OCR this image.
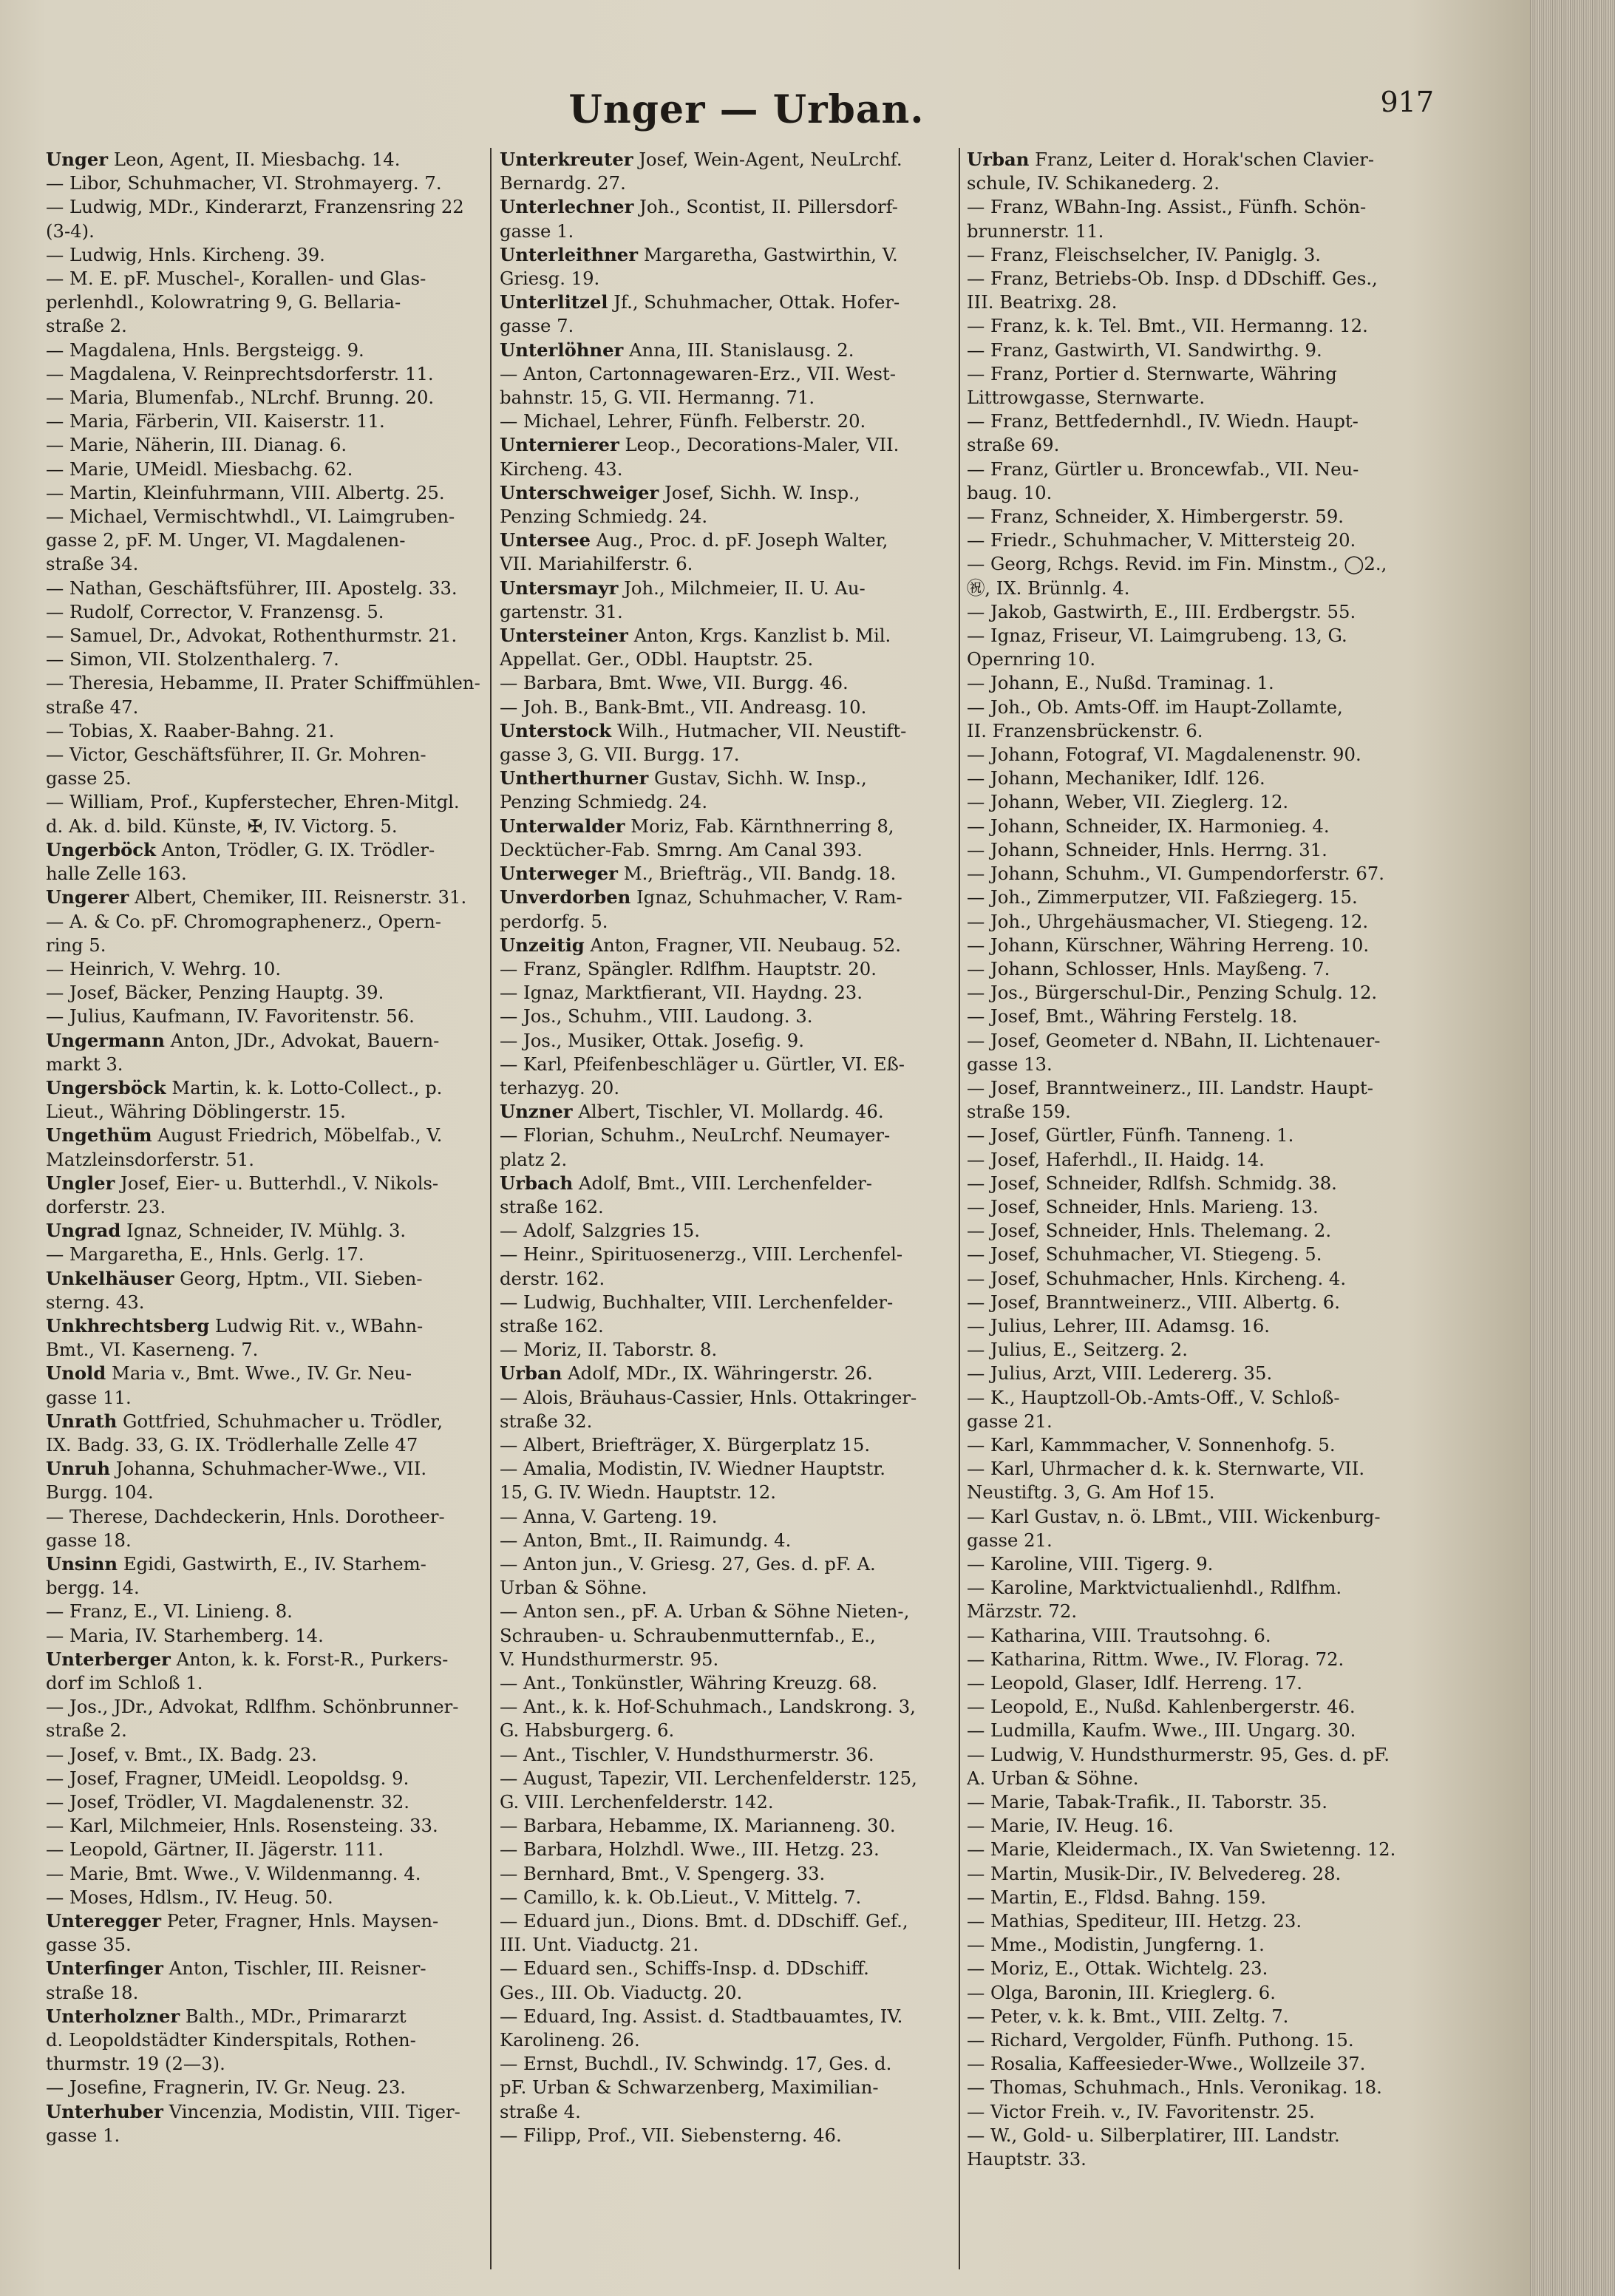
Unger — Urban.	917
Unger Leon, Agent, II. Miesbachg. 14.
— Libor, Schuhmacher, VI. Strohmayerg. 7.
— Ludwig, MDr., Kinderarzt, Franzensring 22
(3-4).
— Ludwig, Hnls. Kircheng. 39.
— M. E. pF. Muschel-, Korallen- und Glas-
perlenhdl., Kolowratring 9, G. Bellaria-
straße 2.
— Magdalena, Hnls. Bergsteigg. 9.
— Magdalena, V. Reinprechtsdorferstr. 11.
— Maria, Blumenfab., NLrchf. Brunng. 20.
— Maria, Färberin, VII. Kaiserstr. 11.
— Marie, Näherin, III. Dianag. 6.
— Marie, UMeidl. Miesbachg. 62.
— Martin, Kleinfuhrmann, VIII. Albertg. 25.
— Michael, Vermischtwhdl., VI. Laimgruben-
gasse 2, pF. M. Unger, VI. Magdalenen-
straße 34.
— Nathan, Geschäftsführer, III. Apostelg. 33.
— Rudolf, Corrector, V. Franzensg. 5.
— Samuel, Dr., Advokat, Rothenthurmstr. 21.
— Simon, VII. Stolzenthalerg. 7.
— Theresia, Hebamme, II. Prater Schiffmühlen-
straße 47.
— Tobias, X. Raaber-Bahng. 21.
— Victor, Geschäftsführer, II. Gr. Mohren-
gasse 25.
— William, Prof., Kupferstecher, Ehren-Mitgl.
d. Ak. d. bild. Künste, ✠, IV. Victorg. 5.
Ungerböck Anton, Trödler, G. IX. Trödler-
halle Zelle 163.
Ungerer Albert, Chemiker, III. Reisnerstr. 31.
— A. & Co. pF. Chromographenerz., Opern-
ring 5.
— Heinrich, V. Wehrg. 10.
— Josef, Bäcker, Penzing Hauptg. 39.
— Julius, Kaufmann, IV. Favoritenstr. 56.
Ungermann Anton, JDr., Advokat, Bauern-
markt 3.
Ungersböck Martin, k. k. Lotto-Collect., p.
Lieut., Währing Döblingerstr. 15.
Ungethüm August Friedrich, Möbelfab., V.
Matzleinsdorferstr. 51.
Ungler Josef, Eier- u. Butterhdl., V. Nikols-
dorferstr. 23.
Ungrad Ignaz, Schneider, IV. Mühlg. 3.
— Margaretha, E., Hnls. Gerlg. 17.
Unkelhäuser Georg, Hptm., VII. Sieben-
sterng. 43.
Unkhrechtsberg Ludwig Rit. v., WBahn-
Bmt., VI. Kaserneng. 7.
Unold Maria v., Bmt. Wwe., IV. Gr. Neu-
gasse 11.
Unrath Gottfried, Schuhmacher u. Trödler,
IX. Badg. 33, G. IX. Trödlerhalle Zelle 47
Unruh Johanna, Schuhmacher-Wwe., VII.
Burgg. 104.
— Therese, Dachdeckerin, Hnls. Dorotheer-
gasse 18.
Unsinn Egidi, Gastwirth, E., IV. Starhem-
bergg. 14.
— Franz, E., VI. Linieng. 8.
— Maria, IV. Starhemberg. 14.
Unterberger Anton, k. k. Forst-R., Purkers-
dorf im Schloß 1.
— Jos., JDr., Advokat, Rdlfhm. Schönbrunner-
straße 2.
— Josef, v. Bmt., IX. Badg. 23.
— Josef, Fragner, UMeidl. Leopoldsg. 9.
— Josef, Trödler, VI. Magdalenenstr. 32.
— Karl, Milchmeier, Hnls. Rosensteing. 33.
— Leopold, Gärtner, II. Jägerstr. 111.
— Marie, Bmt. Wwe., V. Wildenmanng. 4.
— Moses, Hdlsm., IV. Heug. 50.
Unteregger Peter, Fragner, Hnls. Maysen-
gasse 35.
Unterfinger Anton, Tischler, III. Reisner-
straße 18.
Unterholzner Balth., MDr., Primararzt
d. Leopoldstädter Kinderspitals, Rothen-
thurmstr. 19 (2—3).
— Josefine, Fragnerin, IV. Gr. Neug. 23.
Unterhuber Vincenzia, Modistin, VIII. Tiger-
gasse 1.
Unterkreuter Josef, Wein-Agent, NeuLrchf.
Bernardg. 27.
Unterlechner Joh., Scontist, II. Pillersdorf-
gasse 1.
Unterleithner Margaretha, Gastwirthin, V.
Griesg. 19.
Unterlitzel Jf., Schuhmacher, Ottak. Hofer-
gasse 7.
Unterlöhner Anna, III. Stanislausg. 2.
— Anton, Cartonnagewaren-Erz., VII. West-
bahnstr. 15, G. VII. Hermanng. 71.
— Michael, Lehrer, Fünfh. Felberstr. 20.
Unternierer Leop., Decorations-Maler, VII.
Kircheng. 43.
Unterschweiger Josef, Sichh. W. Insp.,
Penzing Schmiedg. 24.
Untersee Aug., Proc. d. pF. Joseph Walter,
VII. Mariahilferstr. 6.
Untersmayr Joh., Milchmeier, II. U. Au-
gartenstr. 31.
Untersteiner Anton, Krgs. Kanzlist b. Mil.
Appellat. Ger., ODbl. Hauptstr. 25.
— Barbara, Bmt. Wwe, VII. Burgg. 46.
— Joh. B., Bank-Bmt., VII. Andreasg. 10.
Unterstock Wilh., Hutmacher, VII. Neustift-
gasse 3, G. VII. Burgg. 17.
Untherthurner Gustav, Sichh. W. Insp.,
Penzing Schmiedg. 24.
Unterwalder Moriz, Fab. Kärnthnerring 8,
Decktücher-Fab. Smrng. Am Canal 393.
Unterweger M., Briefträg., VII. Bandg. 18.
Unverdorben Ignaz, Schuhmacher, V. Ram-
perdorfg. 5.
Unzeitig Anton, Fragner, VII. Neubaug. 52.
— Franz, Spängler. Rdlfhm. Hauptstr. 20.
— Ignaz, Marktfierant, VII. Haydng. 23.
— Jos., Schuhm., VIII. Laudong. 3.
— Jos., Musiker, Ottak. Josefig. 9.
— Karl, Pfeifenbeschläger u. Gürtler, VI. Eß-
terhazyg. 20.
Unzner Albert, Tischler, VI. Mollardg. 46.
— Florian, Schuhm., NeuLrchf. Neumayer-
platz 2.
Urbach Adolf, Bmt., VIII. Lerchenfelder-
straße 162.
— Adolf, Salzgries 15.
— Heinr., Spirituosenerzg., VIII. Lerchenfel-
derstr. 162.
— Ludwig, Buchhalter, VIII. Lerchenfelder-
straße 162.
— Moriz, II. Taborstr. 8.
Urban Adolf, MDr., IX. Währingerstr. 26.
— Alois, Bräuhaus-Cassier, Hnls. Ottakringer-
straße 32.
— Albert, Briefträger, X. Bürgerplatz 15.
— Amalia, Modistin, IV. Wiedner Hauptstr.
15, G. IV. Wiedn. Hauptstr. 12.
— Anna, V. Garteng. 19.
— Anton, Bmt., II. Raimundg. 4.
— Anton jun., V. Griesg. 27, Ges. d. pF. A.
Urban & Söhne.
— Anton sen., pF. A. Urban & Söhne Nieten-,
Schrauben- u. Schraubenmutternfab., E.,
V. Hundsthurmerstr. 95.
— Ant., Tonkünstler, Währing Kreuzg. 68.
— Ant., k. k. Hof-Schuhmach., Landskrong. 3,
G. Habsburgerg. 6.
— Ant., Tischler, V. Hundsthurmerstr. 36.
— August, Tapezir, VII. Lerchenfelderstr. 125,
G. VIII. Lerchenfelderstr. 142.
— Barbara, Hebamme, IX. Marianneng. 30.
— Barbara, Holzhdl. Wwe., III. Hetzg. 23.
— Bernhard, Bmt., V. Spengerg. 33.
— Camillo, k. k. Ob.Lieut., V. Mittelg. 7.
— Eduard jun., Dions. Bmt. d. DDschiff. Gef.,
III. Unt. Viaductg. 21.
— Eduard sen., Schiffs-Insp. d. DDschiff.
Ges., III. Ob. Viaductg. 20.
— Eduard, Ing. Assist. d. Stadtbauamtes, IV.
Karolineng. 26.
— Ernst, Buchdl., IV. Schwindg. 17, Ges. d.
pF. Urban & Schwarzenberg, Maximilian-
straße 4.
— Filipp, Prof., VII. Siebensterng. 46.
Urban Franz, Leiter d. Horak'schen Clavier-
schule, IV. Schikanederg. 2.
— Franz, WBahn-Ing. Assist., Fünfh. Schön-
brunnerstr. 11.
— Franz, Fleischselcher, IV. Paniglg. 3.
— Franz, Betriebs-Ob. Insp. d DDschiff. Ges.,
III. Beatrixg. 28.
— Franz, k. k. Tel. Bmt., VII. Hermanng. 12.
— Franz, Gastwirth, VI. Sandwirthg. 9.
— Franz, Portier d. Sternwarte, Währing
Littrowgasse, Sternwarte.
— Franz, Bettfedernhdl., IV. Wiedn. Haupt-
straße 69.
— Franz, Gürtler u. Broncewfab., VII. Neu-
baug. 10.
— Franz, Schneider, X. Himbergerstr. 59.
— Friedr., Schuhmacher, V. Mittersteig 20.
— Georg, Rchgs. Revid. im Fin. Minstm., ◯2.,
㊗, IX. Brünnlg. 4.
— Jakob, Gastwirth, E., III. Erdbergstr. 55.
— Ignaz, Friseur, VI. Laimgrubeng. 13, G.
Opernring 10.
— Johann, E., Nußd. Traminag. 1.
— Joh., Ob. Amts-Off. im Haupt-Zollamte,
II. Franzensbrückenstr. 6.
— Johann, Fotograf, VI. Magdalenenstr. 90.
— Johann, Mechaniker, Idlf. 126.
— Johann, Weber, VII. Zieglerg. 12.
— Johann, Schneider, IX. Harmonieg. 4.
— Johann, Schneider, Hnls. Herrng. 31.
— Johann, Schuhm., VI. Gumpendorferstr. 67.
— Joh., Zimmerputzer, VII. Faßziegerg. 15.
— Joh., Uhrgehäusmacher, VI. Stiegeng. 12.
— Johann, Kürschner, Währing Herreng. 10.
— Johann, Schlosser, Hnls. Mayßeng. 7.
— Jos., Bürgerschul-Dir., Penzing Schulg. 12.
— Josef, Bmt., Währing Ferstelg. 18.
— Josef, Geometer d. NBahn, II. Lichtenauer-
gasse 13.
— Josef, Branntweinerz., III. Landstr. Haupt-
straße 159.
— Josef, Gürtler, Fünfh. Tanneng. 1.
— Josef, Haferhdl., II. Haidg. 14.
— Josef, Schneider, Rdlfsh. Schmidg. 38.
— Josef, Schneider, Hnls. Marieng. 13.
— Josef, Schneider, Hnls. Thelemang. 2.
— Josef, Schuhmacher, VI. Stiegeng. 5.
— Josef, Schuhmacher, Hnls. Kircheng. 4.
— Josef, Branntweinerz., VIII. Albertg. 6.
— Julius, Lehrer, III. Adamsg. 16.
— Julius, E., Seitzerg. 2.
— Julius, Arzt, VIII. Ledererg. 35.
— K., Hauptzoll-Ob.-Amts-Off., V. Schloß-
gasse 21.
— Karl, Kammmacher, V. Sonnenhofg. 5.
— Karl, Uhrmacher d. k. k. Sternwarte, VII.
Neustiftg. 3, G. Am Hof 15.
— Karl Gustav, n. ö. LBmt., VIII. Wickenburg-
gasse 21.
— Karoline, VIII. Tigerg. 9.
— Karoline, Marktvictualienhdl., Rdlfhm.
Märzstr. 72.
— Katharina, VIII. Trautsohng. 6.
— Katharina, Rittm. Wwe., IV. Florag. 72.
— Leopold, Glaser, Idlf. Herreng. 17.
— Leopold, E., Nußd. Kahlenbergerstr. 46.
— Ludmilla, Kaufm. Wwe., III. Ungarg. 30.
— Ludwig, V. Hundsthurmerstr. 95, Ges. d. pF.
A. Urban & Söhne.
— Marie, Tabak-Trafik., II. Taborstr. 35.
— Marie, IV. Heug. 16.
— Marie, Kleidermach., IX. Van Swietenng. 12.
— Martin, Musik-Dir., IV. Belvedereg. 28.
— Martin, E., Fldsd. Bahng. 159.
— Mathias, Spediteur, III. Hetzg. 23.
— Mme., Modistin, Jungferng. 1.
— Moriz, E., Ottak. Wichtelg. 23.
— Olga, Baronin, III. Krieglerg. 6.
— Peter, v. k. k. Bmt., VIII. Zeltg. 7.
— Richard, Vergolder, Fünfh. Puthong. 15.
— Rosalia, Kaffeesieder-Wwe., Wollzeile 37.
— Thomas, Schuhmach., Hnls. Veronikag. 18.
— Victor Freih. v., IV. Favoritenstr. 25.
— W., Gold- u. Silberplatirer, III. Landstr.
Hauptstr. 33.
